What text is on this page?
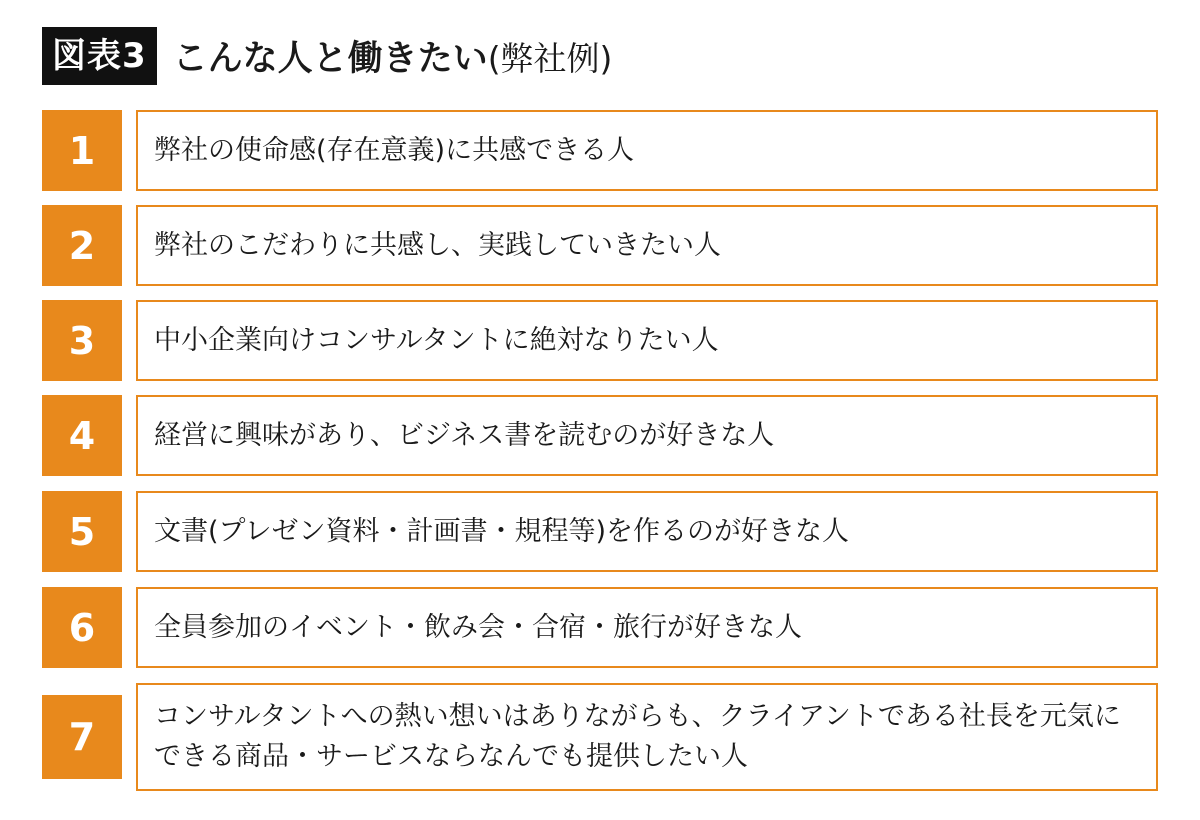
図表3 こんな人と働きたい(弊社例)
1	弊社の使命感(存在意義)に共感できる人
2	弊社のこだわりに共感し、実践していきたい人
3	中小企業向けコンサルタントに絶対なりたい人
4	経営に興味があり、ビジネス書を読むのが好きな人
5	文書(プレゼン資料・計画書・規程等)を作るのが好きな人
6	全員参加のイベント・飲み会・合宿・旅行が好きな人
7	コンサルタントへの熱い想いはありながらも、クライアントである社長を元気にできる商品・サービスならなんでも提供したい人
